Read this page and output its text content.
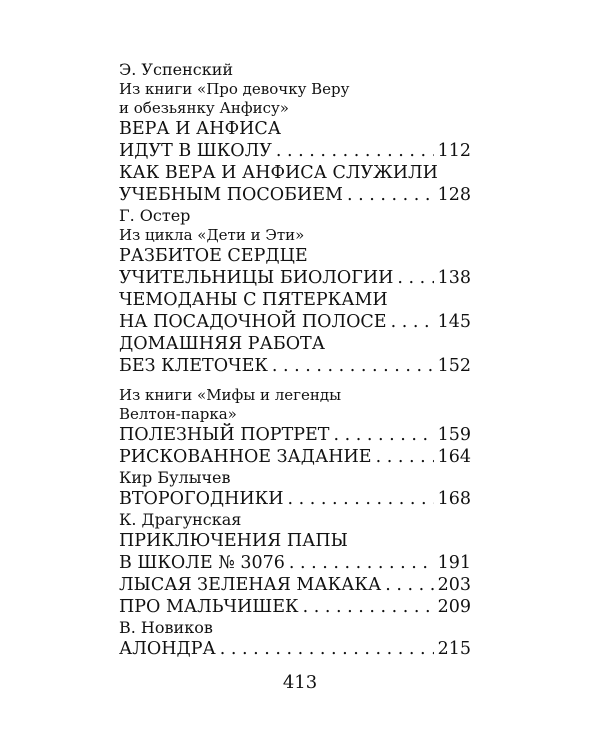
Э. Успенский
Из книги «Про девочку Веру
и обезьянку Анфису»
ВЕРА И АНФИСА
ИДУТ В ШКОЛУ . . .	112
КАК ВЕРА И АНФИСА СЛУЖИЛИ
УЧЕБНЫМ ПОСОБИЕМ . . .	128
Г. Остер
Из цикла «Дети и Эти»
РАЗБИТОЕ СЕРДЦЕ
УЧИТЕЛЬНИЦЫ БИОЛОГИИ . . .	138
ЧЕМОДАНЫ С ПЯТЕРКАМИ
НА ПОСАДОЧНОЙ ПОЛОСЕ . . .	145
ДОМАШНЯЯ РАБОТА
БЕЗ КЛЕТОЧЕК . . .	152
Из книги «Мифы и легенды
Велтон-парка»
ПОЛЕЗНЫЙ ПОРТРЕТ . . .	159
РИСКОВАННОЕ ЗАДАНИЕ . . .	164
Кир Булычев
ВТОРОГОДНИКИ . . .	168
К. Драгунская
ПРИКЛЮЧЕНИЯ ПАПЫ
В ШКОЛЕ № 3076 . . .	191
ЛЫСАЯ ЗЕЛЕНАЯ МАКАКА . . .	203
ПРО МАЛЬЧИШЕК . . .	209
В. Новиков
АЛОНДРА . . .	215
413
